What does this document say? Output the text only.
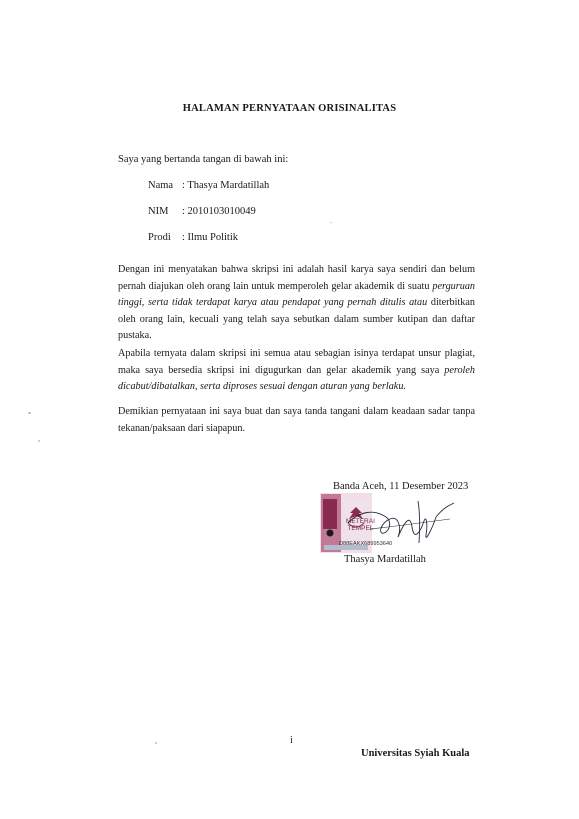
HALAMAN PERNYATAAN ORISINALITAS
Saya yang bertanda tangan di bawah ini:
Nama : Thasya Mardatillah
NIM : 2010103010049
Prodi : Ilmu Politik
Dengan ini menyatakan bahwa skripsi ini adalah hasil karya saya sendiri dan belum pernah diajukan oleh orang lain untuk memperoleh gelar akademik di suatu perguruan tinggi, serta tidak terdapat karya atau pendapat yang pernah ditulis atau diterbitkan oleh orang lain, kecuali yang telah saya sebutkan dalam sumber kutipan dan daftar pustaka.
Apabila ternyata dalam skripsi ini semua atau sebagian isinya terdapat unsur plagiat, maka saya bersedia skripsi ini digugurkan dan gelar akademik yang saya peroleh dicabut/dibatalkan, serta diproses sesuai dengan aturan yang berlaku.
Demikian pernyataan ini saya buat dan saya tanda tangani dalam keadaan sadar tanpa tekanan/paksaan dari siapapun.
Banda Aceh, 11 Desember 2023
METERAI
TEMPEL
D88EAKX689953640
Thasya Mardatillah
i
Universitas Syiah Kuala
